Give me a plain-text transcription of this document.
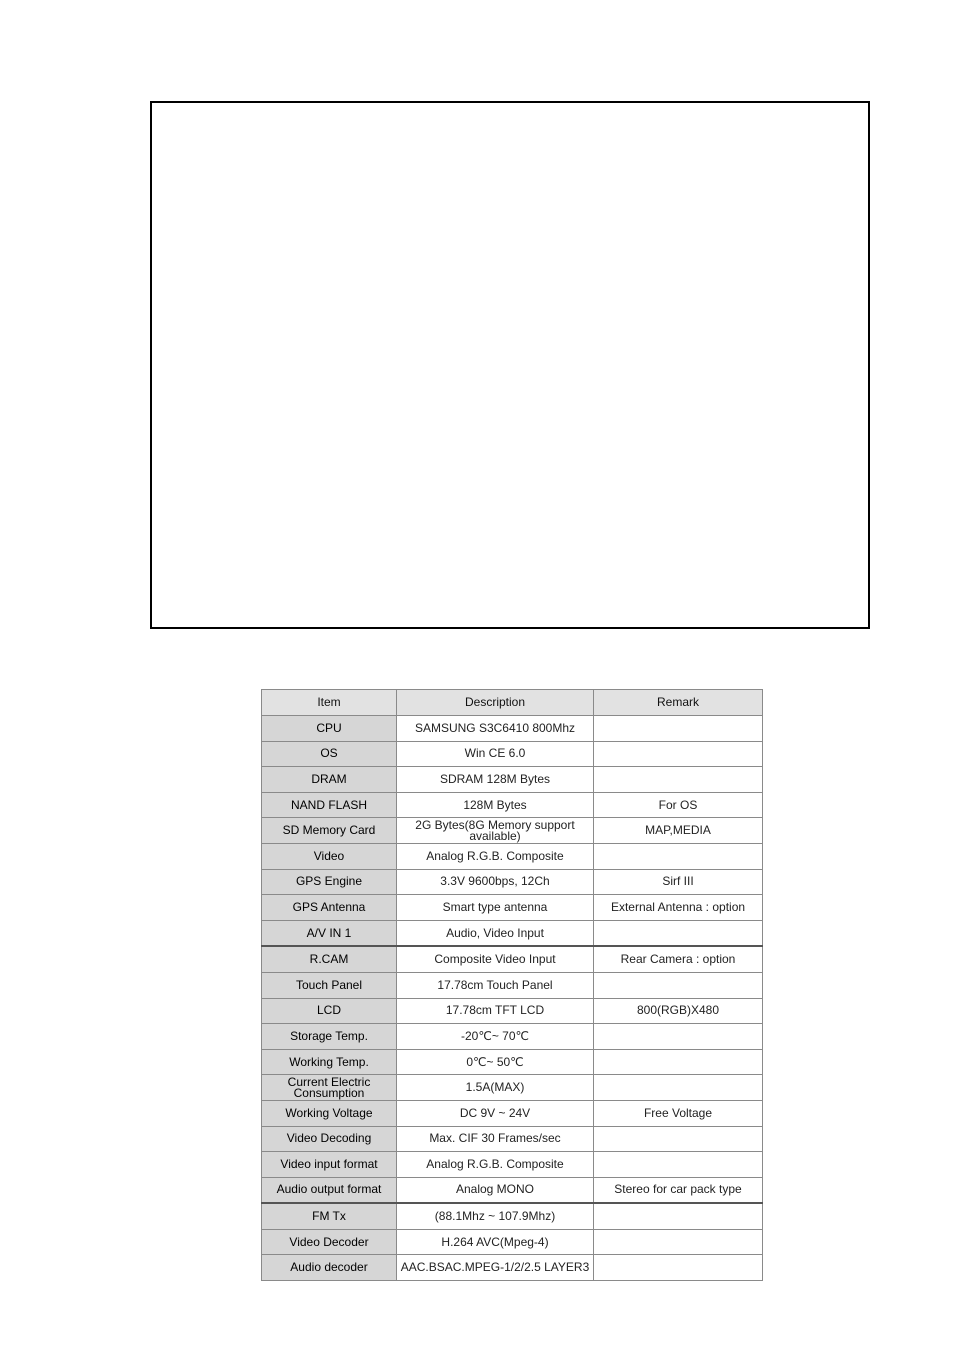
Item	Description	Remark
CPU	SAMSUNG S3C6410 800Mhz	
OS	Win CE 6.0	
DRAM	SDRAM 128M Bytes	
NAND FLASH	128M Bytes	For OS
SD Memory Card	2G Bytes(8G Memory support available)	MAP,MEDIA
Video	Analog R.G.B. Composite	
GPS Engine	3.3V 9600bps, 12Ch	Sirf III
GPS Antenna	Smart type antenna	External Antenna : option
A/V IN 1	Audio, Video Input	
R.CAM	Composite Video Input	Rear Camera : option
Touch Panel	17.78cm Touch Panel	
LCD	17.78cm TFT LCD	800(RGB)X480
Storage Temp.	-20℃~ 70℃	
Working Temp.	0℃~ 50℃	
Current Electric Consumption	1.5A(MAX)	
Working Voltage	DC 9V ~ 24V	Free Voltage
Video Decoding	Max. CIF 30 Frames/sec	
Video input format	Analog R.G.B. Composite	
Audio output format	Analog MONO	Stereo for car pack type
FM Tx	(88.1Mhz ~ 107.9Mhz)	
Video Decoder	H.264 AVC(Mpeg-4)	
Audio decoder	AAC.BSAC.MPEG-1/2/2.5 LAYER3	
